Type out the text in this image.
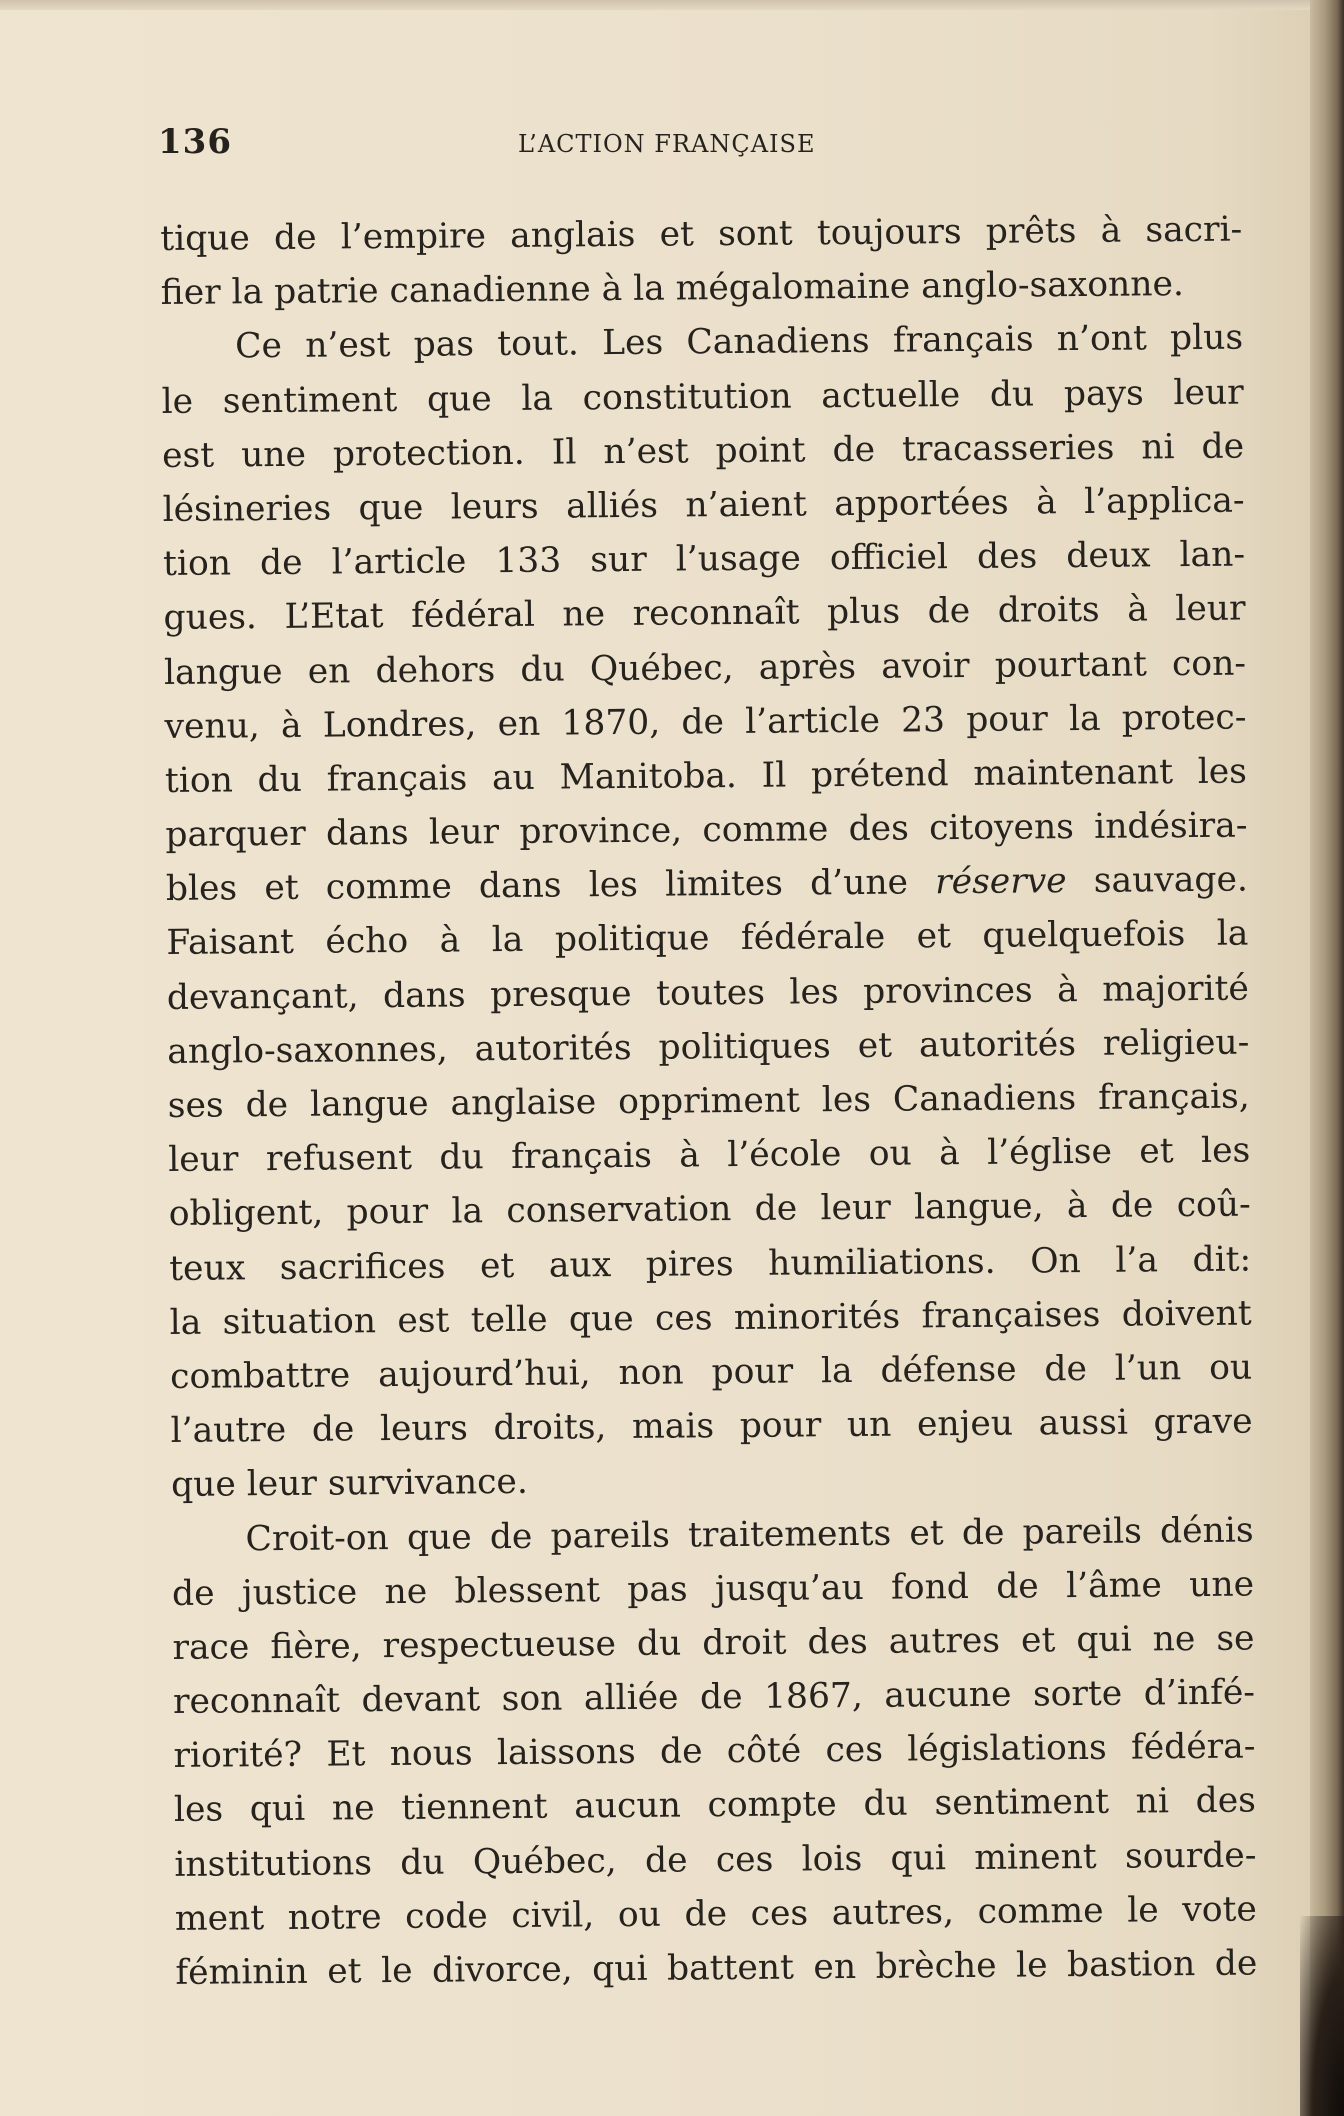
136	L’ACTION FRANÇAISE
tique de l’empire anglais et sont toujours prêts à sacri-
fier la patrie canadienne à la mégalomaine anglo-saxonne.
Ce n’est pas tout. Les Canadiens français n’ont plus
le sentiment que la constitution actuelle du pays leur
est une protection. Il n’est point de tracasseries ni de
lésineries que leurs alliés n’aient apportées à l’applica-
tion de l’article 133 sur l’usage officiel des deux lan-
gues. L’Etat fédéral ne reconnaît plus de droits à leur
langue en dehors du Québec, après avoir pourtant con-
venu, à Londres, en 1870, de l’article 23 pour la protec-
tion du français au Manitoba. Il prétend maintenant les
parquer dans leur province, comme des citoyens indésira-
bles et comme dans les limites d’une réserve sauvage.
Faisant écho à la politique fédérale et quelquefois la
devançant, dans presque toutes les provinces à majorité
anglo-saxonnes, autorités politiques et autorités religieu-
ses de langue anglaise oppriment les Canadiens français,
leur refusent du français à l’école ou à l’église et les
obligent, pour la conservation de leur langue, à de coû-
teux sacrifices et aux pires humiliations. On l’a dit:
la situation est telle que ces minorités françaises doivent
combattre aujourd’hui, non pour la défense de l’un ou
l’autre de leurs droits, mais pour un enjeu aussi grave
que leur survivance.
Croit-on que de pareils traitements et de pareils dénis
de justice ne blessent pas jusqu’au fond de l’âme une
race fière, respectueuse du droit des autres et qui ne se
reconnaît devant son alliée de 1867, aucune sorte d’infé-
riorité? Et nous laissons de côté ces législations fédéra-
les qui ne tiennent aucun compte du sentiment ni des
institutions du Québec, de ces lois qui minent sourde-
ment notre code civil, ou de ces autres, comme le vote
féminin et le divorce, qui battent en brèche le bastion de
